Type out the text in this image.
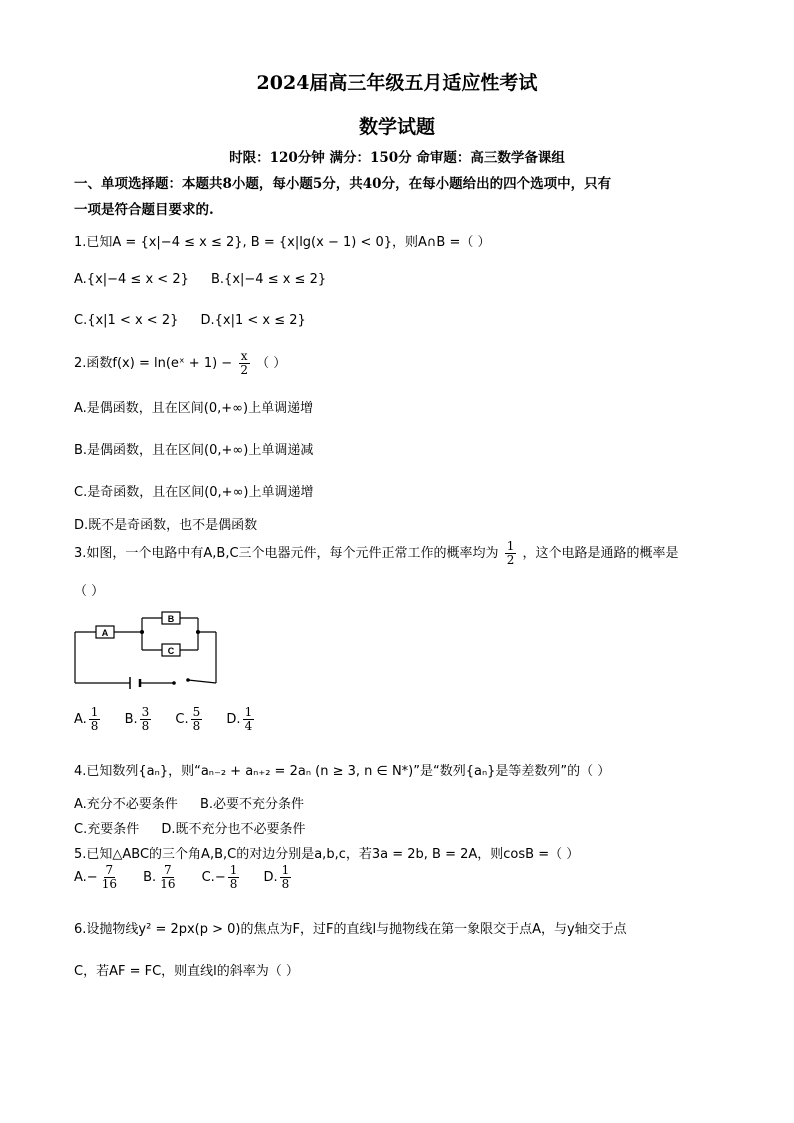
2024届高三年级五月适应性考试
数学试题
时限：120分钟 满分：150分 命审题：高三数学备课组
一、单项选择题：本题共8小题，每小题5分，共40分，在每小题给出的四个选项中，只有
一项是符合题目要求的.
1.已知A = {x|−4 ≤ x ≤ 2}, B = {x|lg(x − 1) < 0}，则A∩B =（ ）
A.{x|−4 ≤ x < 2} B.{x|−4 ≤ x ≤ 2}
C.{x|1 < x < 2} D.{x|1 < x ≤ 2}
2.函数f(x) = ln(eˣ + $1) - \frac{x}{2}$ （ ）
A.是偶函数，且在区间(0,+∞)上单调递增
B.是偶函数，且在区间(0,+∞)上单调递减
C.是奇函数，且在区间(0,+∞)上单调递增
D.既不是奇函数，也不是偶函数
3.如图，一个电路中有A,B,C三个电器元件，每个元件正常工作的概率均为 $\frac{1}{2}$ ，这个电路是通路的概率是
（ ）
A
B
C
A. $\frac{1}{8} B$. $\frac{3}{8} C$. $\frac{5}{8} D$. $\frac{1}{4}$
4.已知数列{aₙ}，则“aₙ₋₂ + aₙ₊₂ = 2aₙ (n ≥ 3, n ∈ N*)”是“数列{aₙ}是等差数列”的（ ）
A.充分不必要条件 B.必要不充分条件
C.充要条件 D.既不充分也不必要条件
5.已知△ABC的三个角A,B,C的对边分别是a,b,c，若3a = 2b, B = 2A，则cosB =（ ）
$A.- \frac{7}{16} B$. $\frac{7}{16} C.- \frac{1}{8} D$. $\frac{1}{8}$
6.设抛物线y² = 2px(p > 0)的焦点为F，过F的直线l与抛物线在第一象限交于点A，与y轴交于点
C，若AF = FC，则直线l的斜率为（ ）
